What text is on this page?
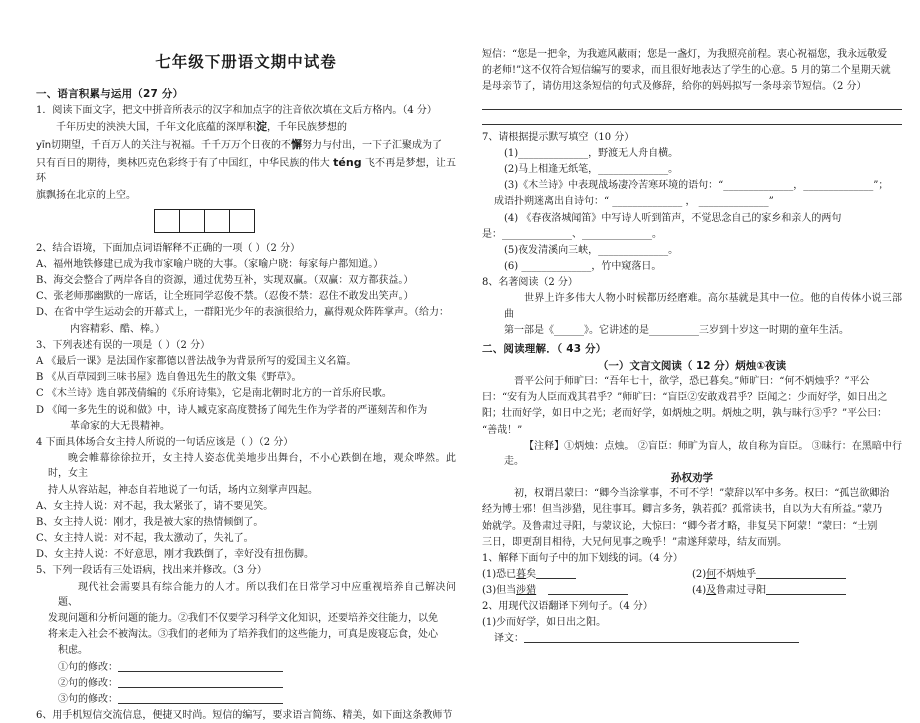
七年级下册语文期中试卷
一、语言积累与运用（27 分）
1．阅读下面文字，把文中拼音所表示的汉字和加点字的注音依次填在文后方格内。（4 分）
千年历史的泱泱大国，千年文化底蕴的深厚积淀，千年民族梦想的
yīn切期望，千百万人的关注与祝福。千千万万个日夜的不懈努力与付出，一下子汇聚成为了
只有百日的期待，奥林匹克色彩终于有了中国红，中华民族的伟大 téng 飞不再是梦想，让五环
旗飘扬在北京的上空。
2、结合语境，下面加点词语解释不正确的一项（ ）（2 分）
A、福州地铁修建已成为我市家喻户晓的大事。（家喻户晓：每家每户都知道。）
B、海交会整合了两岸各自的资源，通过优势互补，实现双赢。（双赢：双方都获益。）
C、张老师那幽默的一席话，让全班同学忍俊不禁。（忍俊不禁：忍住不敢发出笑声。）
D、在省中学生运动会的开幕式上，一群阳光少年的表演很给力，赢得观众阵阵掌声。（给力：
内容精彩、酷、棒。）
3、下列表述有误的一项是（ ）（2 分）
A 《最后一课》是法国作家都德以普法战争为背景所写的爱国主义名篇。
B 《从百草园到三味书屋》选自鲁迅先生的散文集《野草》。
C 《木兰诗》选自郭茂倩编的《乐府诗集》，它是南北朝时北方的一首乐府民歌。
D 《闻一多先生的说和做》中，诗人臧克家高度赞扬了闻先生作为学者的严谨刻苦和作为
革命家的大无畏精神。
4 下面具体场合女主持人所说的一句话应该是（ ）（2 分）
晚会帷幕徐徐拉开，女主持人姿态优美地步出舞台，不小心跌倒在地，观众哗然。此时，女主
持人从容站起，神态自若地说了一句话，场内立刻掌声四起。
A、女主持人说：对不起，我太紧张了，请不要见笑。
B、女主持人说：刚才，我是被大家的热情倾倒了。
C、女主持人说：对不起，我太激动了，失礼了。
D、女主持人说：不好意思，刚才我跌倒了，幸好没有扭伤脚。
5、下列一段话有三处语病，找出来并修改。（3 分）
现代社会需要具有综合能力的人才。所以我们在日常学习中应重视培养自己解决问题、
发现问题和分析问题的能力。②我们不仅要学习科学文化知识，还要培养交往能力，以免
将来走入社会不被淘汰。③我们的老师为了培养我们的这些能力，可真是废寝忘食，处心
积虑。
①句的修改：
②句的修改：
③句的修改：
6、用手机短信交流信息，便捷又时尚。短信的编写，要求语言简练、精美，如下面这条教师节
短信：“您是一把伞，为我遮风蔽雨；您是一盏灯，为我照亮前程。衷心祝福您，我永远敬爱
的老师!”这不仅符合短信编写的要求，而且很好地表达了学生的心意。5 月的第二个星期天就
是母亲节了，请仿用这条短信的句式及修辞，给你的妈妈拟写一条母亲节短信。（2 分）
7、请根据提示默写填空（10 分）
(1)______________，野渡无人舟自横。
(2)马上相逢无纸笔，______________。
(3)《木兰诗》中表现战场凄冷苦寒环境的语句：“______________，______________”；
成语扑朔迷离出自诗句：“ ______________ ， ______________”
(4) 《春夜洛城闻笛》中写诗人听到笛声，不觉思念自己的家乡和亲人的两句
是：______________、______________。
(5)夜发清溪向三峡，______________。
(6) ______________，竹中窥落日。
8、名著阅读（2 分）
世界上许多伟大人物小时候都历经磨难。高尔基就是其中一位。他的自传体小说三部曲
第一部是《______》。它讲述的是__________三岁到十岁这一时期的童年生活。
二、阅读理解．（ 43 分）
（一）文言文阅读（ 12 分）炳烛①夜读
晋平公问于师旷曰：“吾年七十，欲学，恐已暮矣。”师旷曰：“何不炳烛乎？”平公
曰：“安有为人臣而戏其君乎？”师旷曰：“盲臣②安敢戏君乎？臣闻之：少而好学，如日出之
阳；壮而好学，如日中之光；老而好学，如炳烛之明。炳烛之明，孰与昧行③乎？”平公曰：
“善哉！”
【注释】①炳烛：点烛。 ②盲臣：师旷为盲人，故自称为盲臣。 ③昧行：在黑暗中行走。
孙权劝学
初，权谓吕蒙曰：“卿今当涂掌事，不可不学！”蒙辞以军中多务。权曰：“孤岂欲卿治
经为博士邪！但当涉猎，见往事耳。卿言多务，孰若孤？孤常读书，自以为大有所益。”蒙乃
始就学。及鲁肃过寻阳，与蒙议论，大惊曰：“卿今者才略，非复吴下阿蒙！”蒙曰：“士别
三日，即更刮目相待，大兄何见事之晚乎！”肃遂拜蒙母，结友而别。
1、解释下面句子中的加下划线的词。（4 分）
(1)恐已暮矣	(2)何不炳烛乎
(3)但当涉猎	(4)及鲁肃过寻阳
2、用现代汉语翻译下列句子。（4 分）
(1)少而好学，如日出之阳。
译文：
